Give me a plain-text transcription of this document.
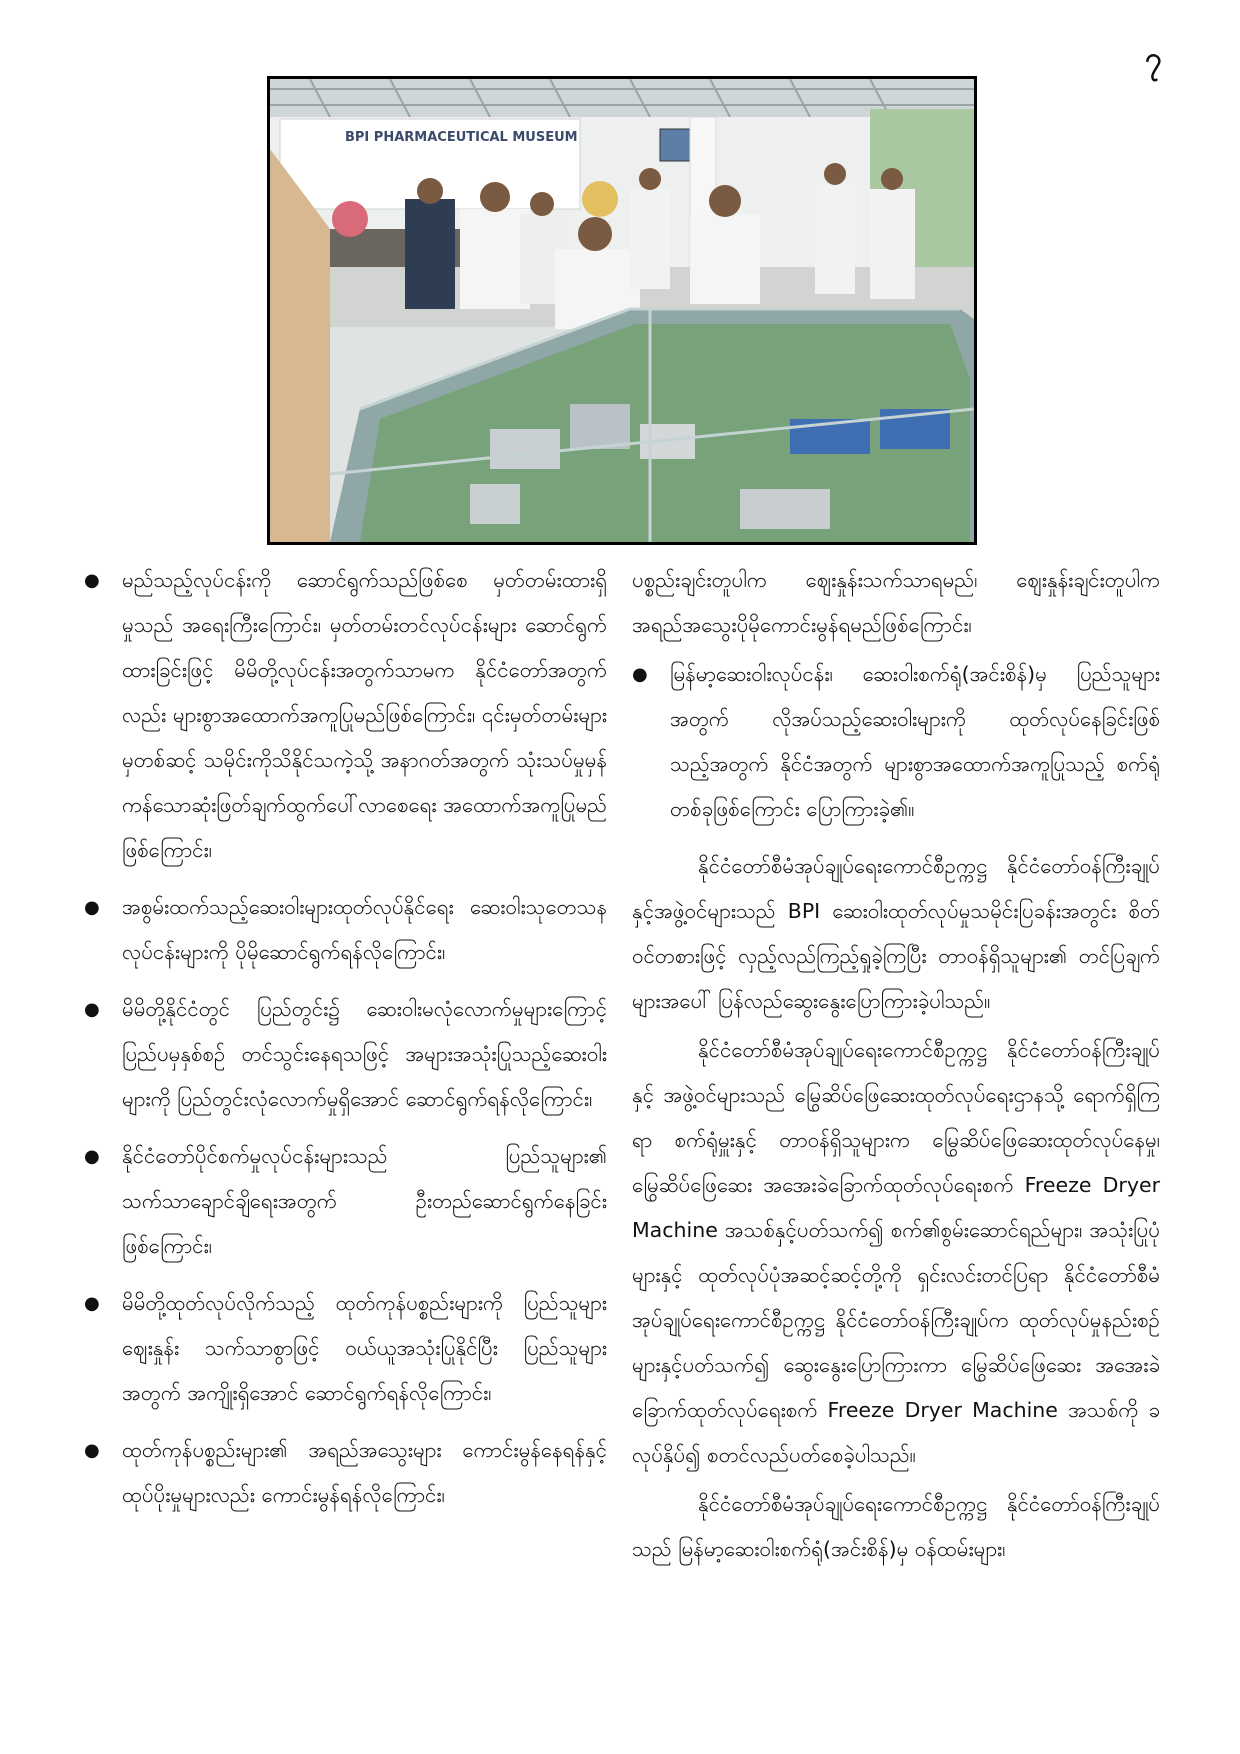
၇
BPI PHARMACEUTICAL MUSEUM
● မည်သည့်လုပ်ငန်းကို ဆောင်ရွက်သည်ဖြစ်စေ မှတ်တမ်းထားရှိမှုသည် အရေးကြီးကြောင်း၊ မှတ်တမ်းတင်လုပ်ငန်းများ ဆောင်ရွက်ထားခြင်းဖြင့် မိမိတို့လုပ်ငန်းအတွက်သာမက နိုင်ငံတော်အတွက်လည်း များစွာအထောက်အကူပြုမည်ဖြစ်ကြောင်း၊ ၎င်းမှတ်တမ်းများမှတစ်ဆင့် သမိုင်းကိုသိနိုင်သကဲ့သို့ အနာဂတ်အတွက် သုံးသပ်မှုမှန်ကန်သောဆုံးဖြတ်ချက်ထွက်ပေါ်လာစေရေး အထောက်အကူပြုမည်ဖြစ်ကြောင်း၊
● အစွမ်းထက်သည့်ဆေးဝါးများထုတ်လုပ်နိုင်ရေး ဆေးဝါးသုတေသနလုပ်ငန်းများကို ပိုမိုဆောင်ရွက်ရန်လိုကြောင်း၊
● မိမိတို့နိုင်ငံတွင် ပြည်တွင်း၌ ဆေးဝါးမလုံလောက်မှုများကြောင့် ပြည်ပမှနှစ်စဉ် တင်သွင်းနေရသဖြင့် အများအသုံးပြုသည့်ဆေးဝါးများကို ပြည်တွင်းလုံလောက်မှုရှိအောင် ဆောင်ရွက်ရန်လိုကြောင်း၊
● နိုင်ငံတော်ပိုင်စက်မှုလုပ်ငန်းများသည် ပြည်သူများ၏ သက်သာချောင်ချိရေးအတွက် ဦးတည်ဆောင်ရွက်နေခြင်းဖြစ်ကြောင်း၊
● မိမိတို့ထုတ်လုပ်လိုက်သည့် ထုတ်ကုန်ပစ္စည်းများကို ပြည်သူများဈေးနှုန်း သက်သာစွာဖြင့် ဝယ်ယူအသုံးပြုနိုင်ပြီး ပြည်သူများအတွက် အကျိုးရှိအောင် ဆောင်ရွက်ရန်လိုကြောင်း၊
● ထုတ်ကုန်ပစ္စည်းများ၏ အရည်အသွေးများ ကောင်းမွန်နေရန်နှင့် ထုပ်ပိုးမှုများလည်း ကောင်းမွန်ရန်လိုကြောင်း၊

ပစ္စည်းချင်းတူပါက ဈေးနှုန်းသက်သာရမည်၊ ဈေးနှုန်းချင်းတူပါက အရည်အသွေးပိုမိုကောင်းမွန်ရမည်ဖြစ်ကြောင်း၊

● မြန်မာ့ဆေးဝါးလုပ်ငန်း၊ ဆေးဝါးစက်ရုံ(အင်းစိန်)မှ ပြည်သူများအတွက် လိုအပ်သည့်ဆေးဝါးများကို ထုတ်လုပ်နေခြင်းဖြစ်သည့်အတွက် နိုင်ငံအတွက် များစွာအထောက်အကူပြုသည့် စက်ရုံတစ်ခုဖြစ်ကြောင်း ပြောကြားခဲ့၏။

နိုင်ငံတော်စီမံအုပ်ချုပ်ရေးကောင်စီဥက္ကဋ္ဌ နိုင်ငံတော်ဝန်ကြီးချုပ်နှင့်အဖွဲ့ဝင်များသည် BPI ဆေးဝါးထုတ်လုပ်မှုသမိုင်းပြခန်းအတွင်း စိတ်ဝင်တစားဖြင့် လှည့်လည်ကြည့်ရှုခဲ့ကြပြီး တာဝန်ရှိသူများ၏ တင်ပြချက်များအပေါ် ပြန်လည်ဆွေးနွေးပြောကြားခဲ့ပါသည်။

နိုင်ငံတော်စီမံအုပ်ချုပ်ရေးကောင်စီဥက္ကဋ္ဌ နိုင်ငံတော်ဝန်ကြီးချုပ်နှင့် အဖွဲ့ဝင်များသည် မြွေဆိပ်ဖြေဆေးထုတ်လုပ်ရေးဌာနသို့ ရောက်ရှိကြရာ စက်ရုံမှူးနှင့် တာဝန်ရှိသူများက မြွေဆိပ်ဖြေဆေးထုတ်လုပ်နေမှု၊ မြွေဆိပ်ဖြေဆေး အအေးခဲခြောက်ထုတ်လုပ်ရေးစက် Freeze Dryer Machine အသစ်နှင့်ပတ်သက်၍ စက်၏စွမ်းဆောင်ရည်များ၊ အသုံးပြုပုံများနှင့် ထုတ်လုပ်ပုံအဆင့်ဆင့်တို့ကို ရှင်းလင်းတင်ပြရာ နိုင်ငံတော်စီမံအုပ်ချုပ်ရေးကောင်စီဥက္ကဋ္ဌ နိုင်ငံတော်ဝန်ကြီးချုပ်က ထုတ်လုပ်မှုနည်းစဉ်များနှင့်ပတ်သက်၍ ဆွေးနွေးပြောကြားကာ မြွေဆိပ်ဖြေဆေး အအေးခဲခြောက်ထုတ်လုပ်ရေးစက် Freeze Dryer Machine အသစ်ကို ခလုပ်နှိပ်၍ စတင်လည်ပတ်စေခဲ့ပါသည်။

နိုင်ငံတော်စီမံအုပ်ချုပ်ရေးကောင်စီဥက္ကဋ္ဌ နိုင်ငံတော်ဝန်ကြီးချုပ်သည် မြန်မာ့ဆေးဝါးစက်ရုံ(အင်းစိန်)မှ ဝန်ထမ်းများ၊
